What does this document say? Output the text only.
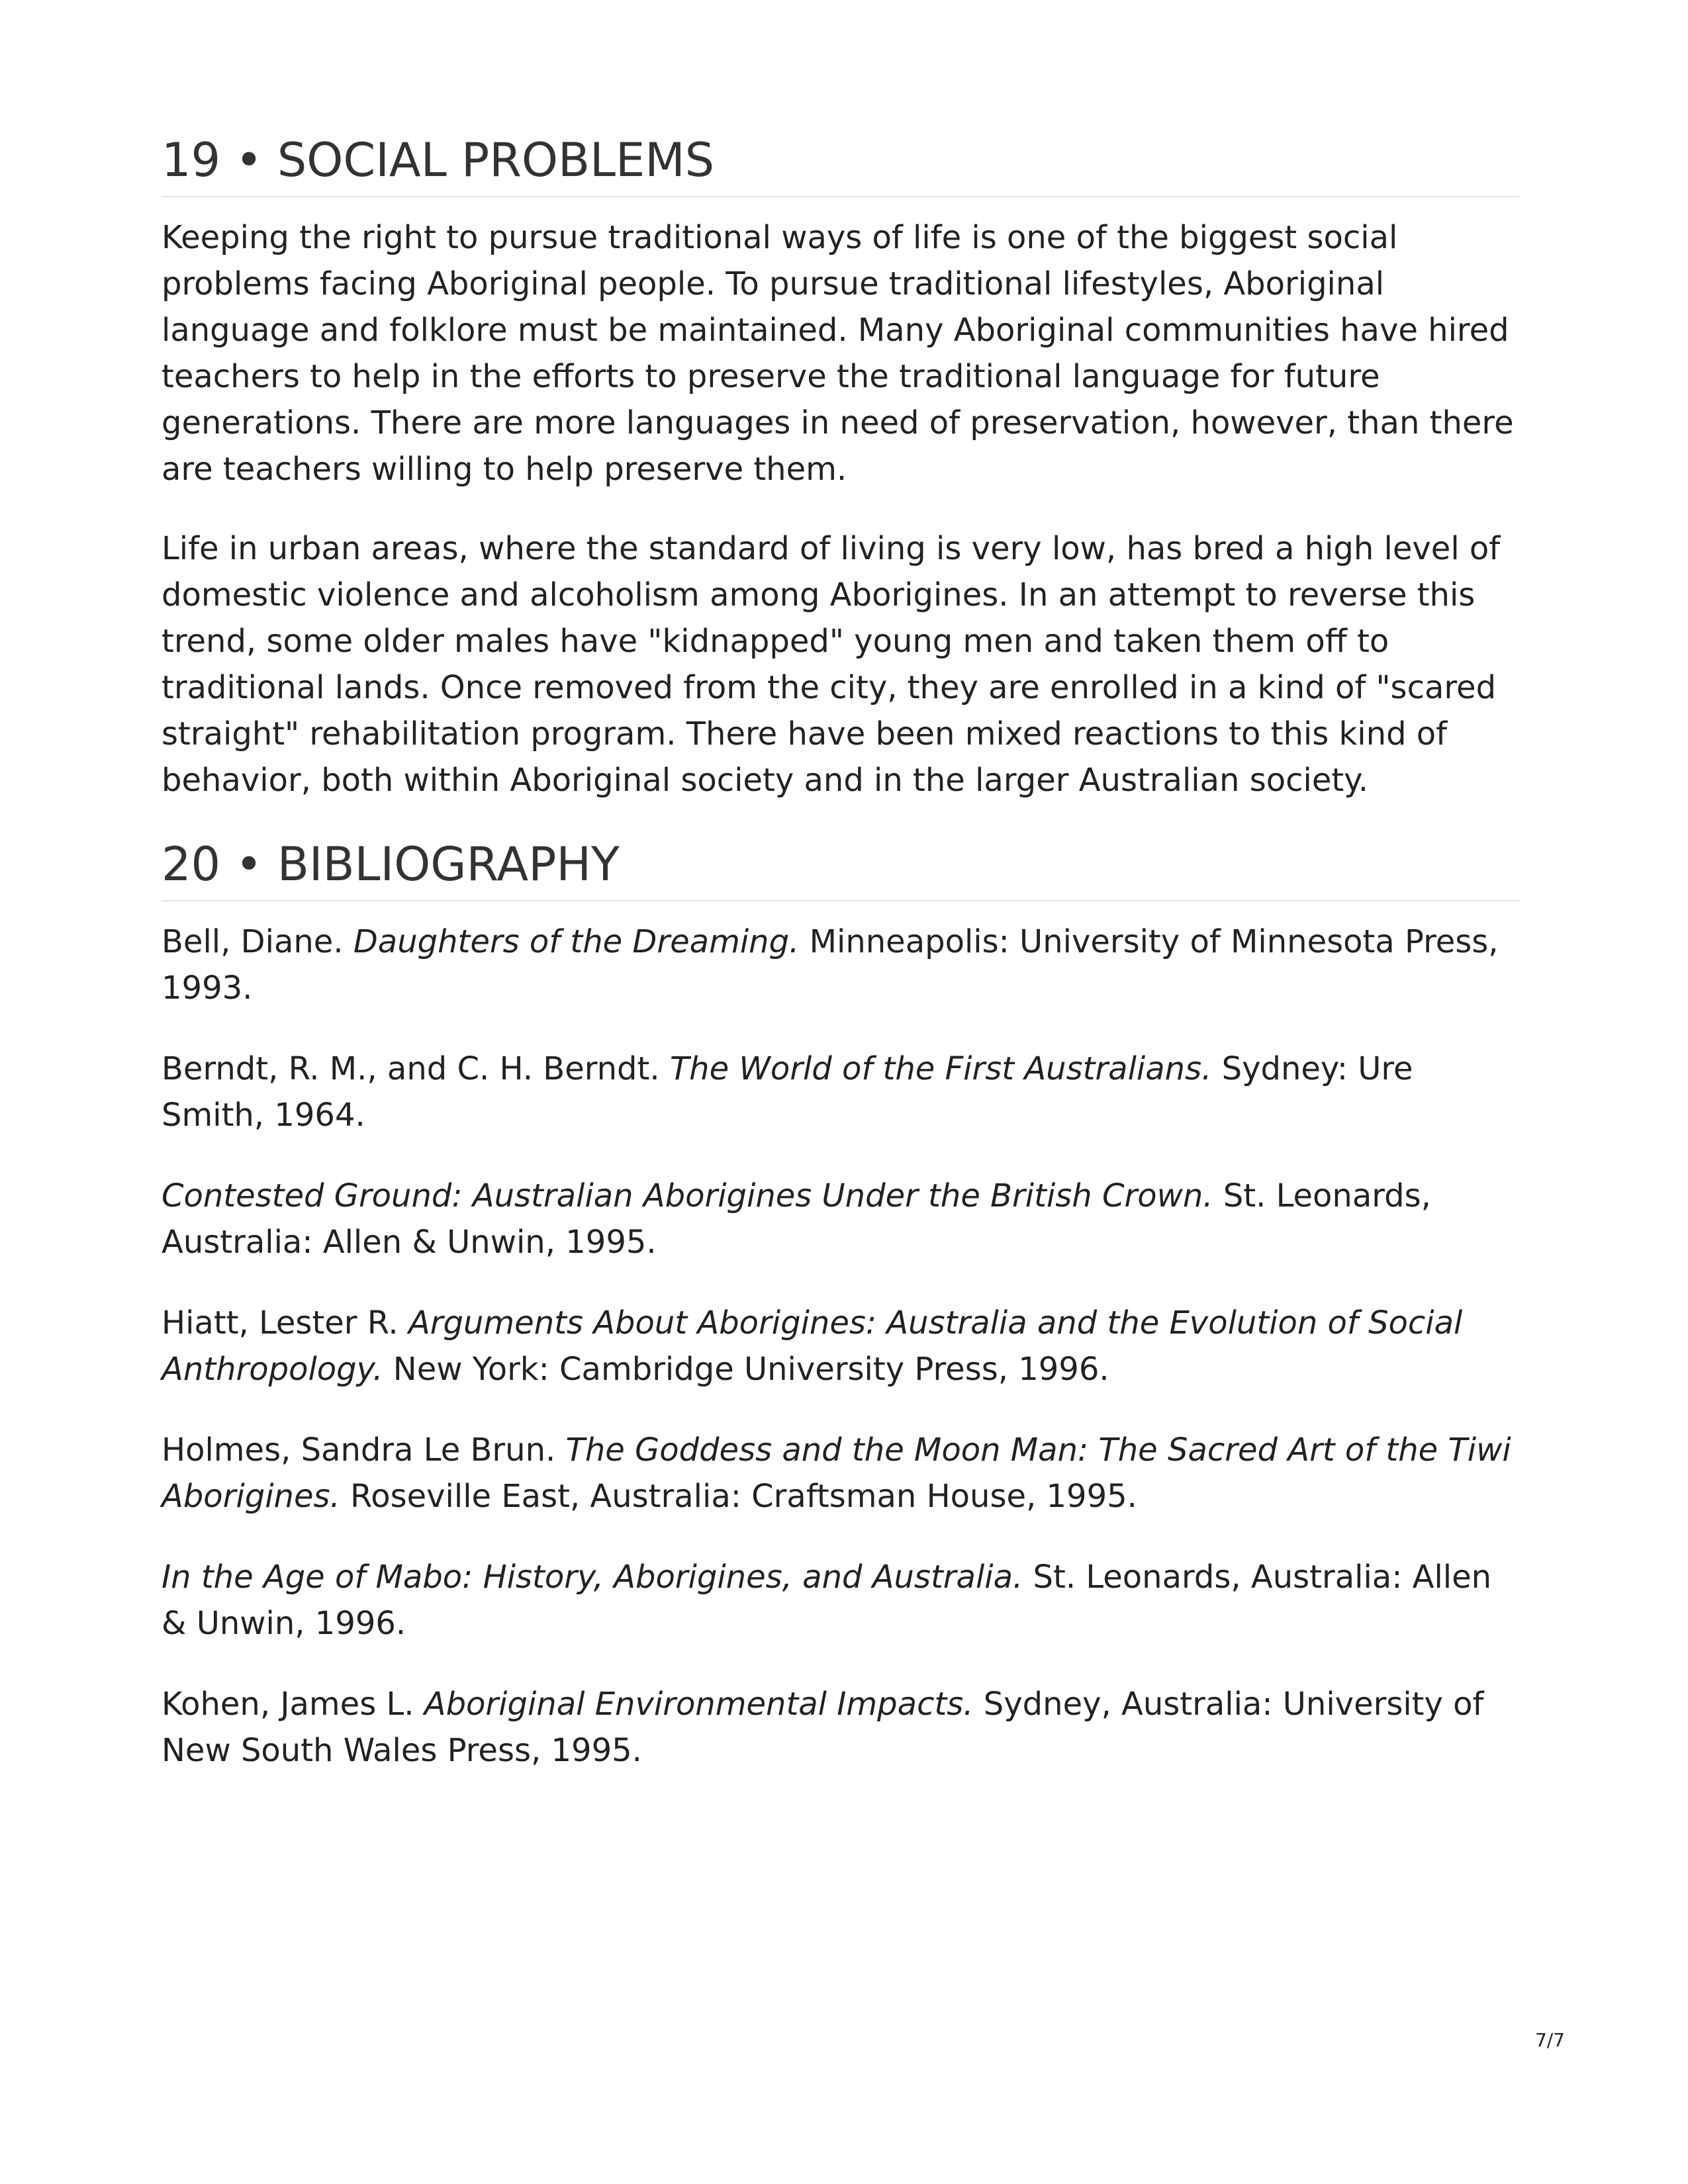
19 • SOCIAL PROBLEMS

Keeping the right to pursue traditional ways of life is one of the biggest social problems facing Aboriginal people. To pursue traditional lifestyles, Aboriginal language and folklore must be maintained. Many Aboriginal communities have hired teachers to help in the efforts to preserve the traditional language for future generations. There are more languages in need of preservation, however, than there are teachers willing to help preserve them.

Life in urban areas, where the standard of living is very low, has bred a high level of domestic violence and alcoholism among Aborigines. In an attempt to reverse this trend, some older males have "kidnapped" young men and taken them off to traditional lands. Once removed from the city, they are enrolled in a kind of "scared straight" rehabilitation program. There have been mixed reactions to this kind of behavior, both within Aboriginal society and in the larger Australian society.

20 • BIBLIOGRAPHY

Bell, Diane. Daughters of the Dreaming. Minneapolis: University of Minnesota Press, 1993.

Berndt, R. M., and C. H. Berndt. The World of the First Australians. Sydney: Ure Smith, 1964.

Contested Ground: Australian Aborigines Under the British Crown. St. Leonards, Australia: Allen & Unwin, 1995.

Hiatt, Lester R. Arguments About Aborigines: Australia and the Evolution of Social Anthropology. New York: Cambridge University Press, 1996.

Holmes, Sandra Le Brun. The Goddess and the Moon Man: The Sacred Art of the Tiwi Aborigines. Roseville East, Australia: Craftsman House, 1995.

In the Age of Mabo: History, Aborigines, and Australia. St. Leonards, Australia: Allen & Unwin, 1996.

Kohen, James L. Aboriginal Environmental Impacts. Sydney, Australia: University of New South Wales Press, 1995.

7/7
